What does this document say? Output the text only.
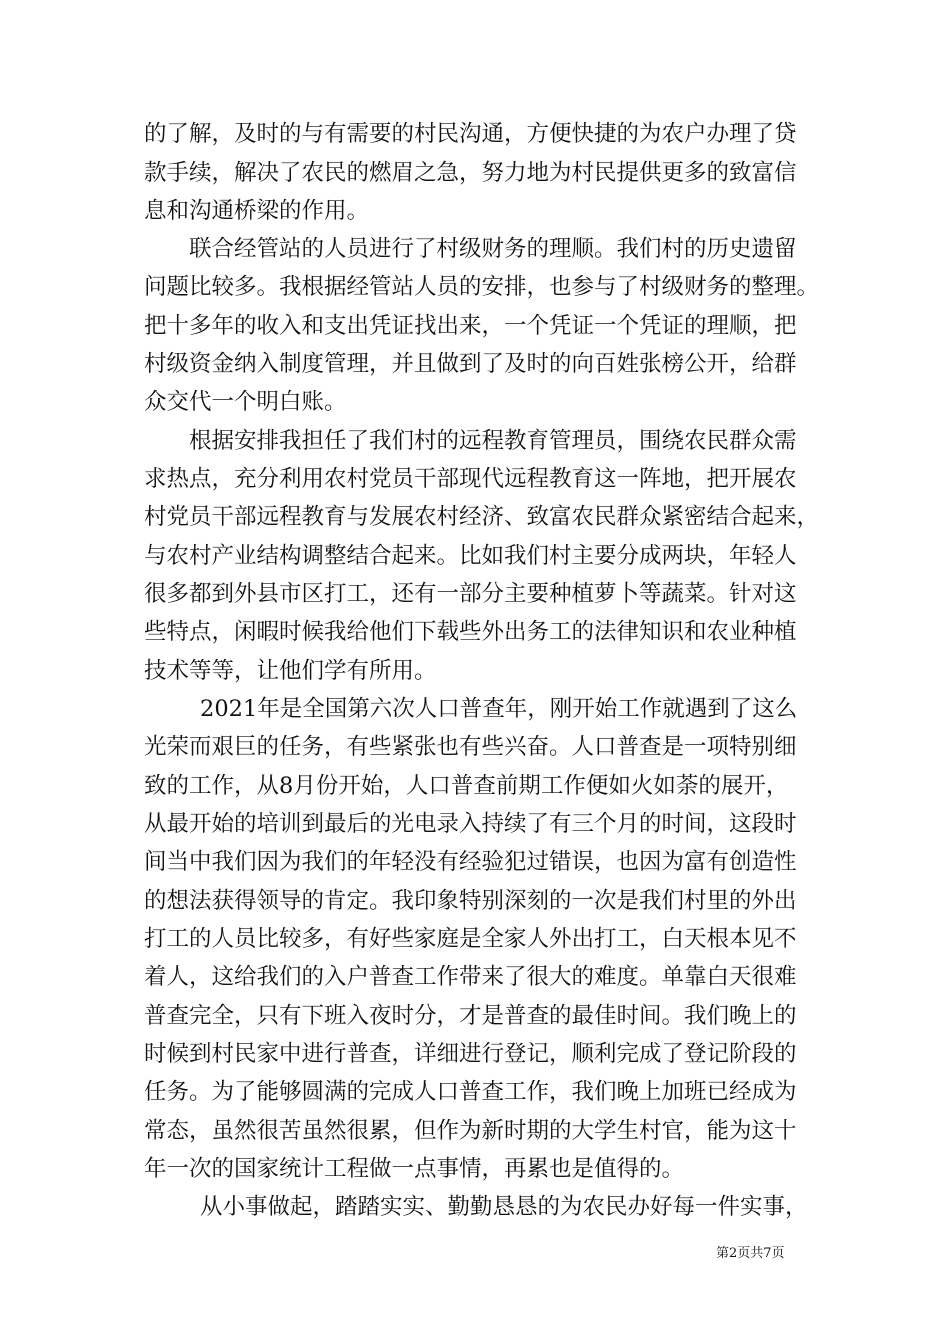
的了解，及时的与有需要的村民沟通，方便快捷的为农户办理了贷
款手续，解决了农民的燃眉之急，努力地为村民提供更多的致富信
息和沟通桥梁的作用。
联合经管站的人员进行了村级财务的理顺。我们村的历史遗留
问题比较多。我根据经管站人员的安排，也参与了村级财务的整理。
把十多年的收入和支出凭证找出来，一个凭证一个凭证的理顺，把
村级资金纳入制度管理，并且做到了及时的向百姓张榜公开，给群
众交代一个明白账。
根据安排我担任了我们村的远程教育管理员，围绕农民群众需
求热点，充分利用农村党员干部现代远程教育这一阵地，把开展农
村党员干部远程教育与发展农村经济、致富农民群众紧密结合起来，
与农村产业结构调整结合起来。比如我们村主要分成两块，年轻人
很多都到外县市区打工，还有一部分主要种植萝卜等蔬菜。针对这
些特点，闲暇时候我给他们下载些外出务工的法律知识和农业种植
技术等等，让他们学有所用。
2021年是全国第六次人口普查年，刚开始工作就遇到了这么
光荣而艰巨的任务，有些紧张也有些兴奋。人口普查是一项特别细
致的工作，从8月份开始，人口普查前期工作便如火如荼的展开，
从最开始的培训到最后的光电录入持续了有三个月的时间，这段时
间当中我们因为我们的年轻没有经验犯过错误，也因为富有创造性
的想法获得领导的肯定。我印象特别深刻的一次是我们村里的外出
打工的人员比较多，有好些家庭是全家人外出打工，白天根本见不
着人，这给我们的入户普查工作带来了很大的难度。单靠白天很难
普查完全，只有下班入夜时分，才是普查的最佳时间。我们晚上的
时候到村民家中进行普查，详细进行登记，顺利完成了登记阶段的
任务。为了能够圆满的完成人口普查工作，我们晚上加班已经成为
常态，虽然很苦虽然很累，但作为新时期的大学生村官，能为这十
年一次的国家统计工程做一点事情，再累也是值得的。
从小事做起，踏踏实实、勤勤恳恳的为农民办好每一件实事，
第2页共7页
